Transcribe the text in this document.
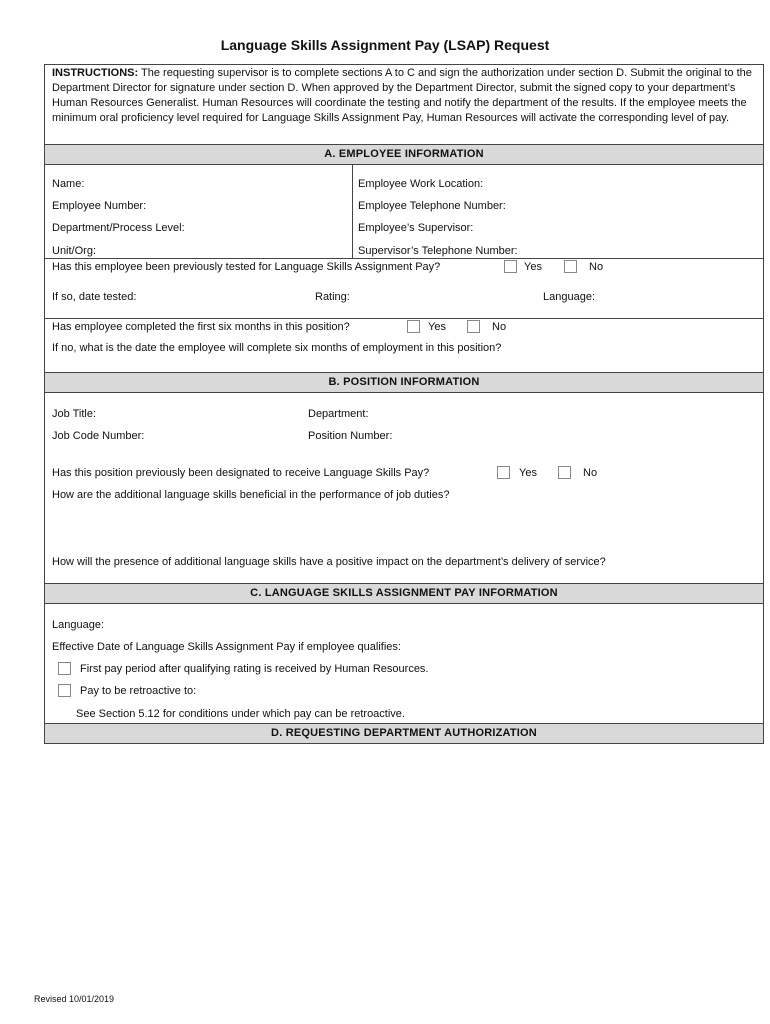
Language Skills Assignment Pay (LSAP) Request
INSTRUCTIONS: The requesting supervisor is to complete sections A to C and sign the authorization under section D. Submit the original to the Department Director for signature under section D. When approved by the Department Director, submit the signed copy to your department’s Human Resources Generalist. Human Resources will coordinate the testing and notify the department of the results. If the employee meets the minimum oral proficiency level required for Language Skills Assignment Pay, Human Resources will activate the corresponding level of pay.
A. EMPLOYEE INFORMATION
Name:	Employee Work Location:
Employee Number:	Employee Telephone Number:
Department/Process Level:	Employee’s Supervisor:
Unit/Org:	Supervisor’s Telephone Number:
Has this employee been previously tested for Language Skills Assignment Pay?	Yes	No
If so, date tested:	Rating:	Language:
Has employee completed the first six months in this position?	Yes	No
If no, what is the date the employee will complete six months of employment in this position?
B. POSITION INFORMATION
Job Title:	Department:
Job Code Number:	Position Number:
Has this position previously been designated to receive Language Skills Pay?	Yes	No
How are the additional language skills beneficial in the performance of job duties?
How will the presence of additional language skills have a positive impact on the department’s delivery of service?
C. LANGUAGE SKILLS ASSIGNMENT PAY INFORMATION
Language:
Effective Date of Language Skills Assignment Pay if employee qualifies:
First pay period after qualifying rating is received by Human Resources.
Pay to be retroactive to:
See Section 5.12 for conditions under which pay can be retroactive.
D. REQUESTING DEPARTMENT AUTHORIZATION
Revised 10/01/2019
